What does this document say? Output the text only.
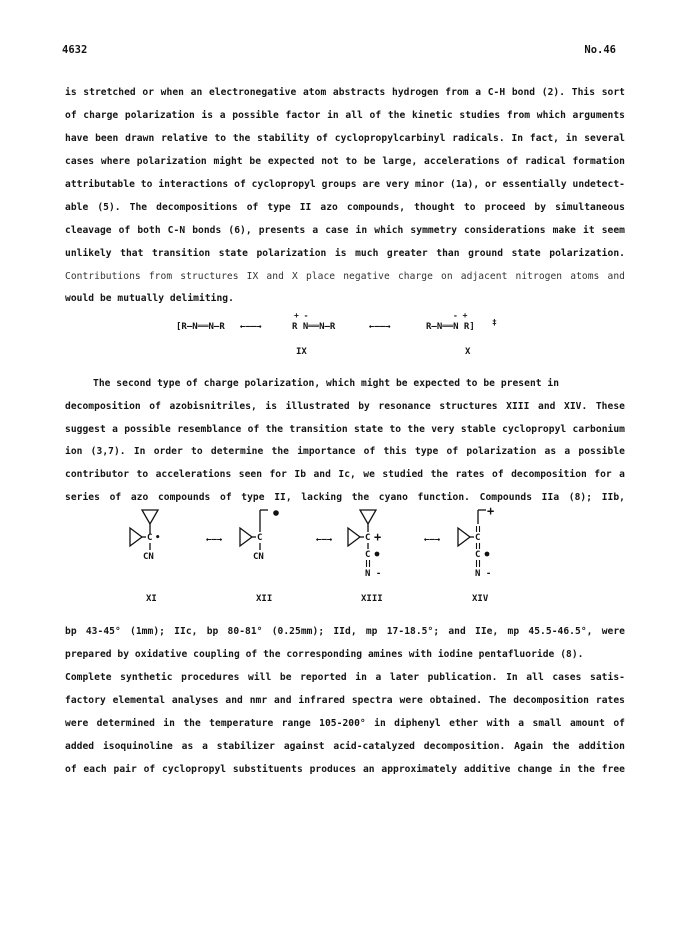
4632	No.46
is stretched or when an electronegative atom abstracts hydrogen from a C-H bond (2). This sort
of charge polarization is a possible factor in all of the kinetic studies from which arguments
have been drawn relative to the stability of cyclopropylcarbinyl radicals. In fact, in several
cases where polarization might be expected not to be large, accelerations of radical formation
attributable to interactions of cyclopropyl groups are very minor (1a), or essentially undetect-
able (5). The decompositions of type II azo compounds, thought to proceed by simultaneous
cleavage of both C-N bonds (6), presents a case in which symmetry considerations make it seem
unlikely that transition state polarization is much greater than ground state polarization.
Contributions from structures IX and X place negative charge on adjacent nitrogen atoms and
would be mutually delimiting.
[R—N══N—R ←——→
+ -
R N══N—R	←——→
- +
R—N══N R] ‡
IX	X
The second type of charge polarization, which might be expected to be present in
decomposition of azobisnitriles, is illustrated by resonance structures XIII and XIV. These
suggest a possible resemblance of the transition state to the very stable cyclopropyl carbonium
ion (3,7). In order to determine the importance of this type of polarization as a possible
contributor to accelerations seen for Ib and Ic, we studied the rates of decomposition for a
series of azo compounds of type II, lacking the cyano function. Compounds IIa (8); IIb,
C •
CN
←—→	C
CN
←—→	C +
C
N -
←—→
+
C
C
N -
XI	XII	XIII	XIV
bp 43-45° (1mm); IIc, bp 80-81° (0.25mm); IId, mp 17-18.5°; and IIe, mp 45.5-46.5°, were
prepared by oxidative coupling of the corresponding amines with iodine pentafluoride (8).
Complete synthetic procedures will be reported in a later publication. In all cases satis-
factory elemental analyses and nmr and infrared spectra were obtained. The decomposition rates
were determined in the temperature range 105-200° in diphenyl ether with a small amount of
added isoquinoline as a stabilizer against acid-catalyzed decomposition. Again the addition
of each pair of cyclopropyl substituents produces an approximately additive change in the free
